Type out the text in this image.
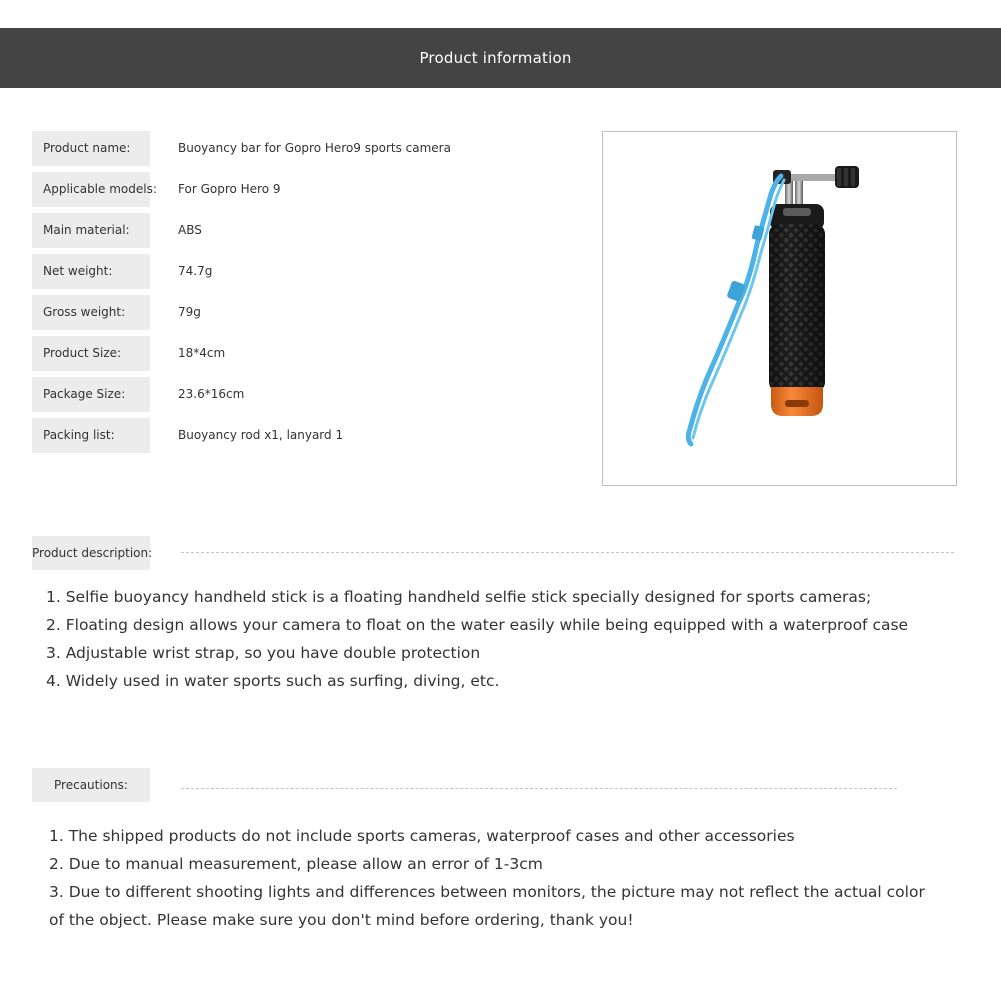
Product information
Product name:	Buoyancy bar for Gopro Hero9 sports camera
Applicable models: For Gopro Hero 9
Main material:	ABS
Net weight:	74.7g
Gross weight:	79g
Product Size:	18*4cm
Package Size:	23.6*16cm
Packing list:	Buoyancy rod x1, lanyard 1
Product description:
1. Selfie buoyancy handheld stick is a floating handheld selfie stick specially designed for sports cameras;
2. Floating design allows your camera to float on the water easily while being equipped with a waterproof case
3. Adjustable wrist strap, so you have double protection
4. Widely used in water sports such as surfing, diving, etc.
Precautions:
1. The shipped products do not include sports cameras, waterproof cases and other accessories
2. Due to manual measurement, please allow an error of 1-3cm
3. Due to different shooting lights and differences between monitors, the picture may not reflect the actual color of the object. Please make sure you don't mind before ordering, thank you!
